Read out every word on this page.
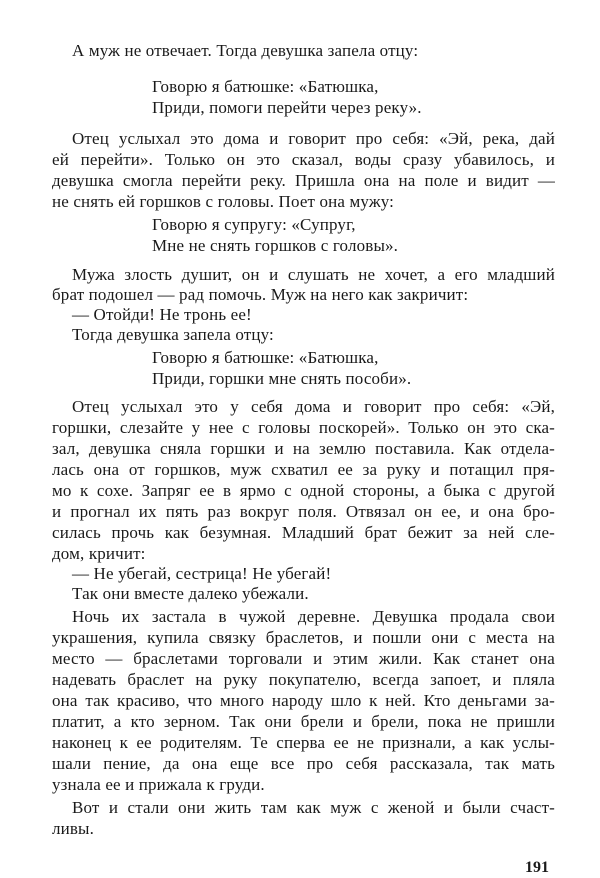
А муж не отвечает. Тогда девушка запела отцу:
Говорю я батюшке: «Батюшка,
Приди, помоги перейти через реку».
Отец услыхал это дома и говорит про себя: «Эй, река, дай
ей перейти». Только он это сказал, воды сразу убавилось, и
девушка смогла перейти реку. Пришла она на поле и видит —
не снять ей горшков с головы. Поет она мужу:
Говорю я супругу: «Супруг,
Мне не снять горшков с головы».
Мужа злость душит, он и слушать не хочет, а его младший
брат подошел — рад помочь. Муж на него как закричит:
— Отойди! Не тронь ее!
Тогда девушка запела отцу:
Говорю я батюшке: «Батюшка,
Приди, горшки мне снять пособи».
Отец услыхал это у себя дома и говорит про себя: «Эй,
горшки, слезайте у нее с головы поскорей». Только он это ска-
зал, девушка сняла горшки и на землю поставила. Как отдела-
лась она от горшков, муж схватил ее за руку и потащил пря-
мо к сохе. Запряг ее в ярмо с одной стороны, а быка с другой
и прогнал их пять раз вокруг поля. Отвязал он ее, и она бро-
силась прочь как безумная. Младший брат бежит за ней сле-
дом, кричит:
— Не убегай, сестрица! Не убегай!
Так они вместе далеко убежали.
Ночь их застала в чужой деревне. Девушка продала свои
украшения, купила связку браслетов, и пошли они с места на
место — браслетами торговали и этим жили. Как станет она
надевать браслет на руку покупателю, всегда запоет, и пляла
она так красиво, что много народу шло к ней. Кто деньгами за-
платит, а кто зерном. Так они брели и брели, пока не пришли
наконец к ее родителям. Те сперва ее не признали, а как услы-
шали пение, да она еще все про себя рассказала, так мать
узнала ее и прижала к груди.
Вот и стали они жить там как муж с женой и были счаст-
ливы.
191
